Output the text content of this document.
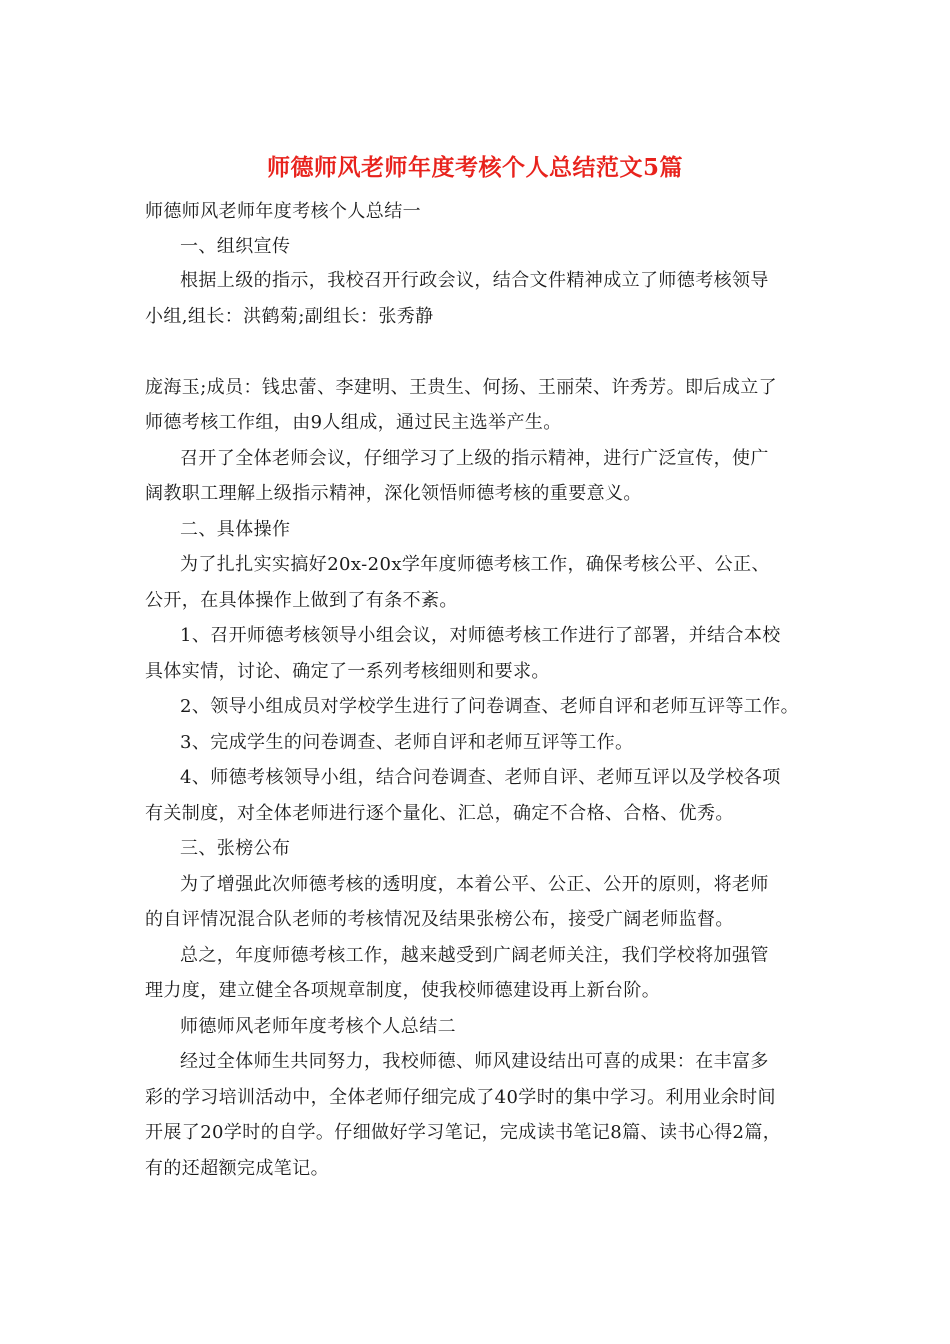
师德师风老师年度考核个人总结范文5篇
师德师风老师年度考核个人总结一
一、组织宣传
根据上级的指示，我校召开行政会议，结合文件精神成立了师德考核领导
小组,组长：洪鹤菊;副组长：张秀静
庞海玉;成员：钱忠蕾、李建明、王贵生、何扬、王丽荣、许秀芳。即后成立了
师德考核工作组，由9人组成，通过民主选举产生。
召开了全体老师会议，仔细学习了上级的指示精神，进行广泛宣传，使广
阔教职工理解上级指示精神，深化领悟师德考核的重要意义。
二、具体操作
为了扎扎实实搞好20x-20x学年度师德考核工作，确保考核公平、公正、
公开，在具体操作上做到了有条不紊。
1、召开师德考核领导小组会议，对师德考核工作进行了部署，并结合本校
具体实情，讨论、确定了一系列考核细则和要求。
2、领导小组成员对学校学生进行了问卷调查、老师自评和老师互评等工作。
3、完成学生的问卷调查、老师自评和老师互评等工作。
4、师德考核领导小组，结合问卷调查、老师自评、老师互评以及学校各项
有关制度，对全体老师进行逐个量化、汇总，确定不合格、合格、优秀。
三、张榜公布
为了增强此次师德考核的透明度，本着公平、公正、公开的原则，将老师
的自评情况混合队老师的考核情况及结果张榜公布，接受广阔老师监督。
总之，年度师德考核工作，越来越受到广阔老师关注，我们学校将加强管
理力度，建立健全各项规章制度，使我校师德建设再上新台阶。
师德师风老师年度考核个人总结二
经过全体师生共同努力，我校师德、师风建设结出可喜的成果：在丰富多
彩的学习培训活动中，全体老师仔细完成了40学时的集中学习。利用业余时间
开展了20学时的自学。仔细做好学习笔记，完成读书笔记8篇、读书心得2篇，
有的还超额完成笔记。
